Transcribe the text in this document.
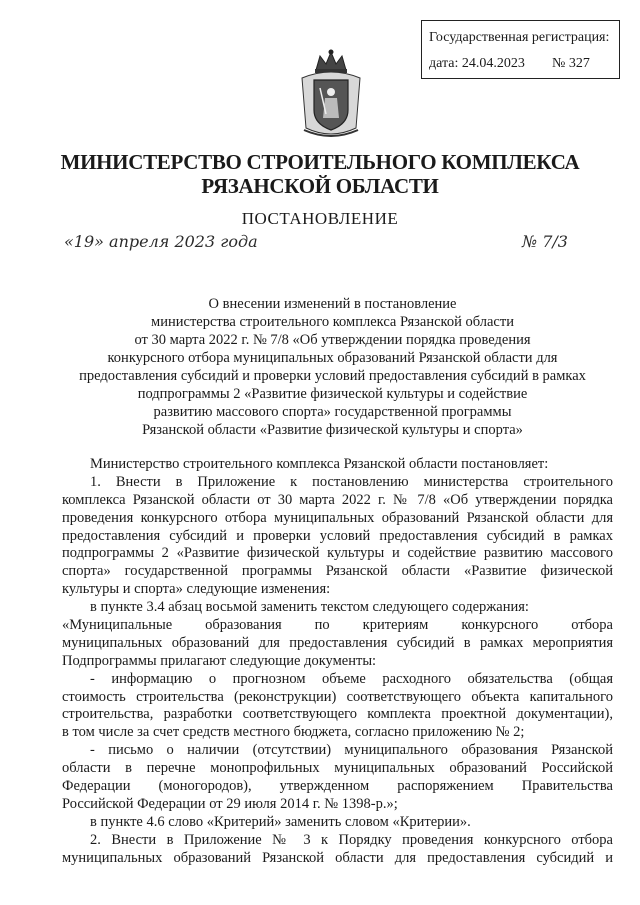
Государственная регистрация:
дата: 24.04.2023 № 327
МИНИСТЕРСТВО СТРОИТЕЛЬНОГО КОМПЛЕКСА
РЯЗАНСКОЙ ОБЛАСТИ
ПОСТАНОВЛЕНИЕ
«19» апреля 2023 года	№ 7/3
О внесении изменений в постановление
министерства строительного комплекса Рязанской области
от 30 марта 2022 г. № 7/8 «Об утверждении порядка проведения
конкурсного отбора муниципальных образований Рязанской области для
предоставления субсидий и проверки условий предоставления субсидий в рамках
подпрограммы 2 «Развитие физической культуры и содействие
развитию массового спорта» государственной программы
Рязанской области «Развитие физической культуры и спорта»
Министерство строительного комплекса Рязанской области постановляет:
1. Внести в Приложение к постановлению министерства строительного
комплекса Рязанской области от 30 марта 2022 г. № 7/8 «Об утверждении порядка
проведения конкурсного отбора муниципальных образований Рязанской области для
предоставления субсидий и проверки условий предоставления субсидий в рамках
подпрограммы 2 «Развитие физической культуры и содействие развитию массового
спорта» государственной программы Рязанской области «Развитие физической
культуры и спорта» следующие изменения:
в пункте 3.4 абзац восьмой заменить текстом следующего содержания:
«Муниципальные образования по критериям конкурсного отбора
муниципальных образований для предоставления субсидий в рамках мероприятия
Подпрограммы прилагают следующие документы:
- информацию о прогнозном объеме расходного обязательства (общая
стоимость строительства (реконструкции) соответствующего объекта капитального
строительства, разработки соответствующего комплекта проектной документации),
в том числе за счет средств местного бюджета, согласно приложению № 2;
- письмо о наличии (отсутствии) муниципального образования Рязанской
области в перечне монопрофильных муниципальных образований Российской
Федерации (моногородов), утвержденном распоряжением Правительства
Российской Федерации от 29 июля 2014 г. № 1398-р.»;
в пункте 4.6 слово «Критерий» заменить словом «Критерии».
2. Внести в Приложение № 3 к Порядку проведения конкурсного отбора
муниципальных образований Рязанской области для предоставления субсидий и
